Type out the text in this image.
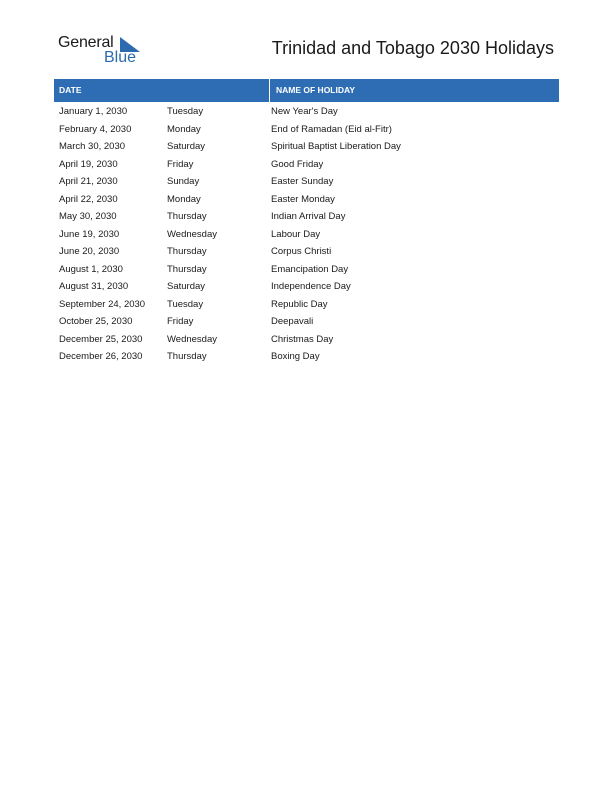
General
Blue	Trinidad and Tobago 2030 Holidays
DATE	NAME OF HOLIDAY
January 1, 2030	Tuesday	New Year's Day
February 4, 2030	Monday	End of Ramadan (Eid al-Fitr)
March 30, 2030	Saturday	Spiritual Baptist Liberation Day
April 19, 2030	Friday	Good Friday
April 21, 2030	Sunday	Easter Sunday
April 22, 2030	Monday	Easter Monday
May 30, 2030	Thursday	Indian Arrival Day
June 19, 2030	Wednesday	Labour Day
June 20, 2030	Thursday	Corpus Christi
August 1, 2030	Thursday	Emancipation Day
August 31, 2030	Saturday	Independence Day
September 24, 2030	Tuesday	Republic Day
October 25, 2030	Friday	Deepavali
December 25, 2030	Wednesday	Christmas Day
December 26, 2030	Thursday	Boxing Day
